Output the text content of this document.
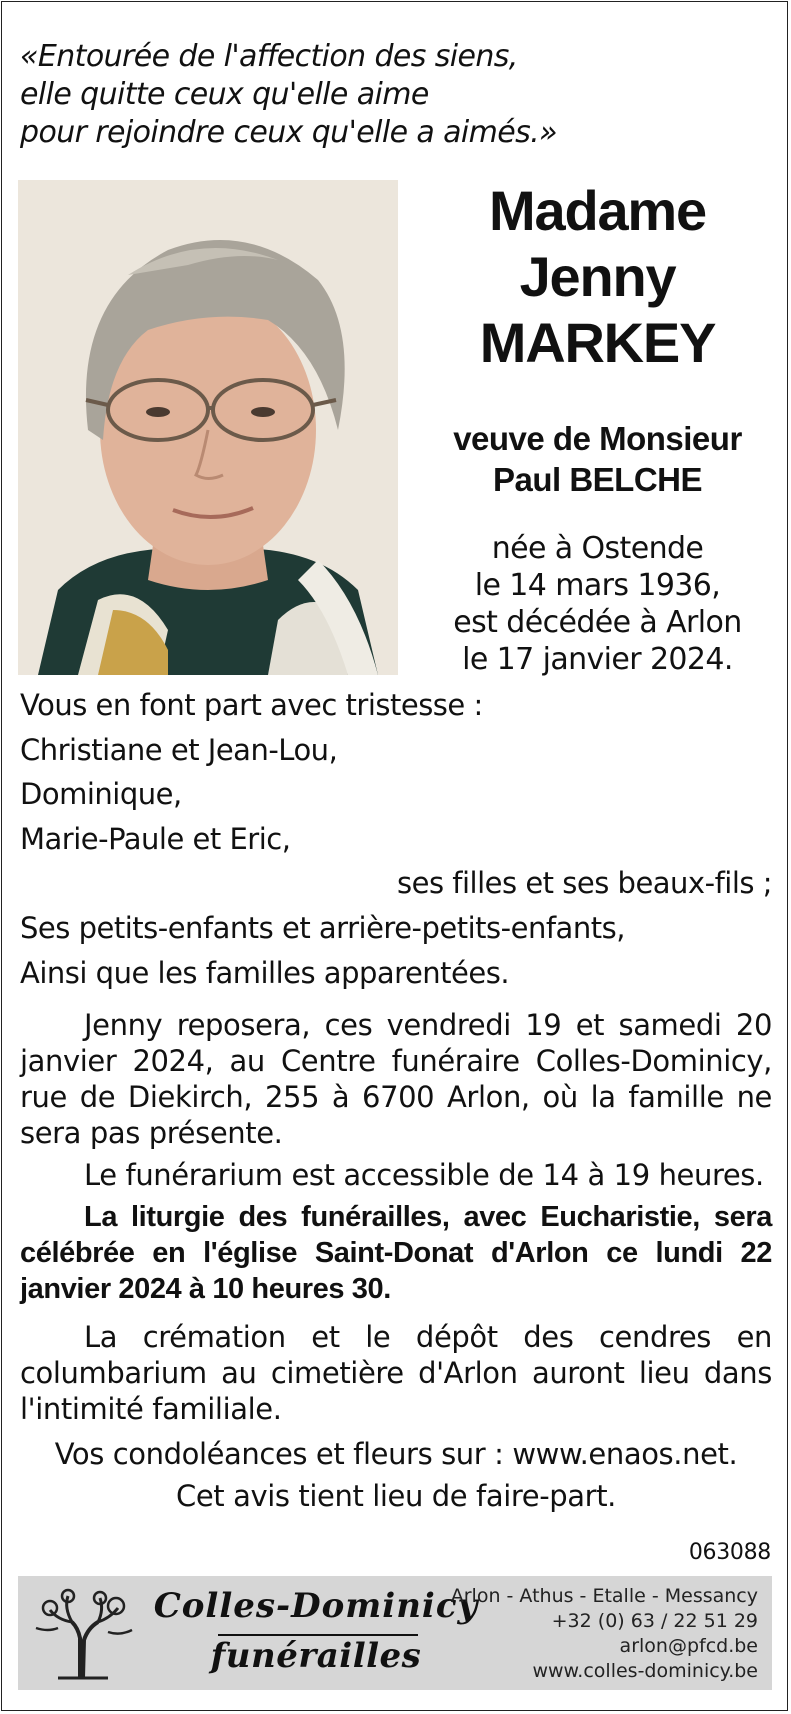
«Entourée de l'affection des siens,
elle quitte ceux qu'elle aime
pour rejoindre ceux qu'elle a aimés.»
Madame
Jenny
MARKEY
veuve de Monsieur
Paul BELCHE
née à Ostende
le 14 mars 1936,
est décédée à Arlon
le 17 janvier 2024.
Vous en font part avec tristesse :
Christiane et Jean-Lou,
Dominique,
Marie-Paule et Eric,
ses filles et ses beaux-fils ;
Ses petits-enfants et arrière-petits-enfants,
Ainsi que les familles apparentées.

Jenny reposera, ces vendredi 19 et samedi 20 janvier 2024, au Centre funéraire Colles-Dominicy, rue de Diekirch, 255 à 6700 Arlon, où la famille ne sera pas présente.

Le funérarium est accessible de 14 à 19 heures.

La liturgie des funérailles, avec Eucharistie, sera célébrée en l'église Saint-Donat d'Arlon ce lundi 22 janvier 2024 à 10 heures 30.

La crémation et le dépôt des cendres en columbarium au cimetière d'Arlon auront lieu dans l'intimité familiale.

Vos condoléances et fleurs sur : www.enaos.net.
Cet avis tient lieu de faire-part.
063088
Colles-Dominicy
funérailles
Arlon - Athus - Etalle - Messancy
+32 (0) 63 / 22 51 29
arlon@pfcd.be
www.colles-dominicy.be
